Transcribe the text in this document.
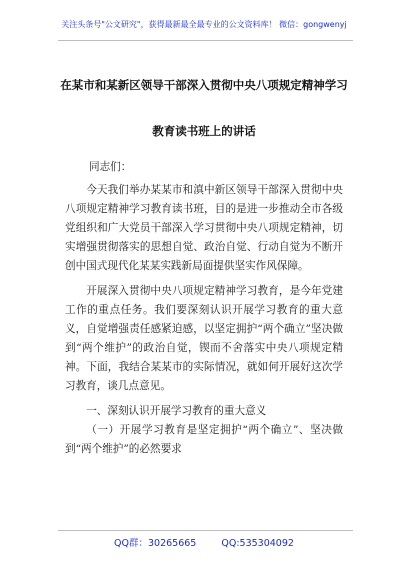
关注头条号"公文研究"，获得最新最全最专业的公文资料库！ 微信：gongwenyj
在某市和某新区领导干部深入贯彻中央八项规定精神学习
教育读书班上的讲话

同志们：

今天我们举办某某市和滇中新区领导干部深入贯彻中央八项规定精神学习教育读书班，目的是进一步推动全市各级党组织和广大党员干部深入学习贯彻中央八项规定精神，切实增强贯彻落实的思想自觉、政治自觉、行动自觉为不断开创中国式现代化某某实践新局面提供坚实作风保障。

开展深入贯彻中央八项规定精神学习教育，是今年党建工作的重点任务。我们要深刻认识开展学习教育的重大意义，自觉增强责任感紧迫感，以坚定拥护“两个确立”坚决做到“两个维护”的政治自觉，锲而不舍落实中央八项规定精神。下面，我结合某某市的实际情况，就如何开展好这次学习教育，谈几点意见。

一、深刻认识开展学习教育的重大意义

（一）开展学习教育是坚定拥护“两个确立”、坚决做到“两个维护”的必然要求

QQ群：30265665	QQ:535304092
